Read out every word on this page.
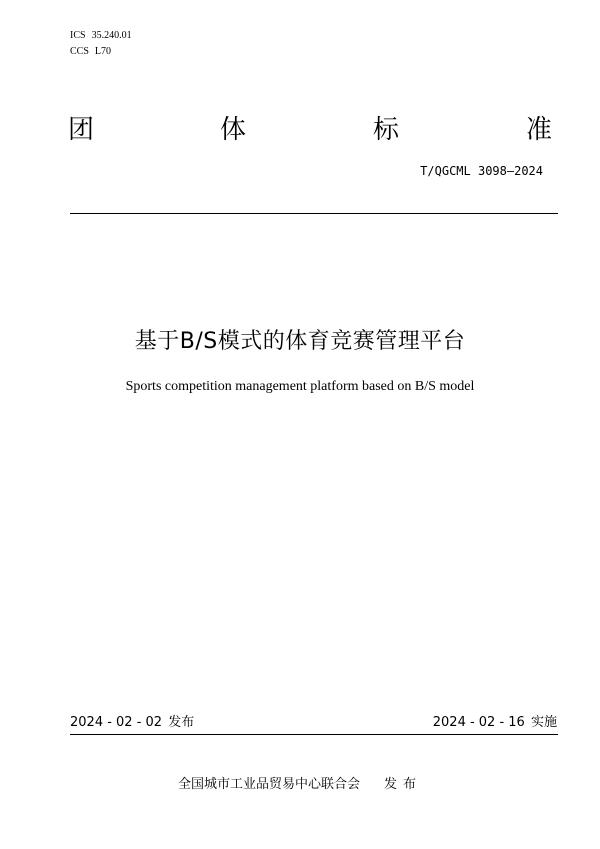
ICS 35.240.01
CCS L70
团	体	标	准
T/QGCML 3098—2024
基于B/S模式的体育竞赛管理平台
Sports competition management platform based on B/S model
2024 - 02 - 02 发布	2024 - 02 - 16 实施
全国城市工业品贸易中心联合会 发布
